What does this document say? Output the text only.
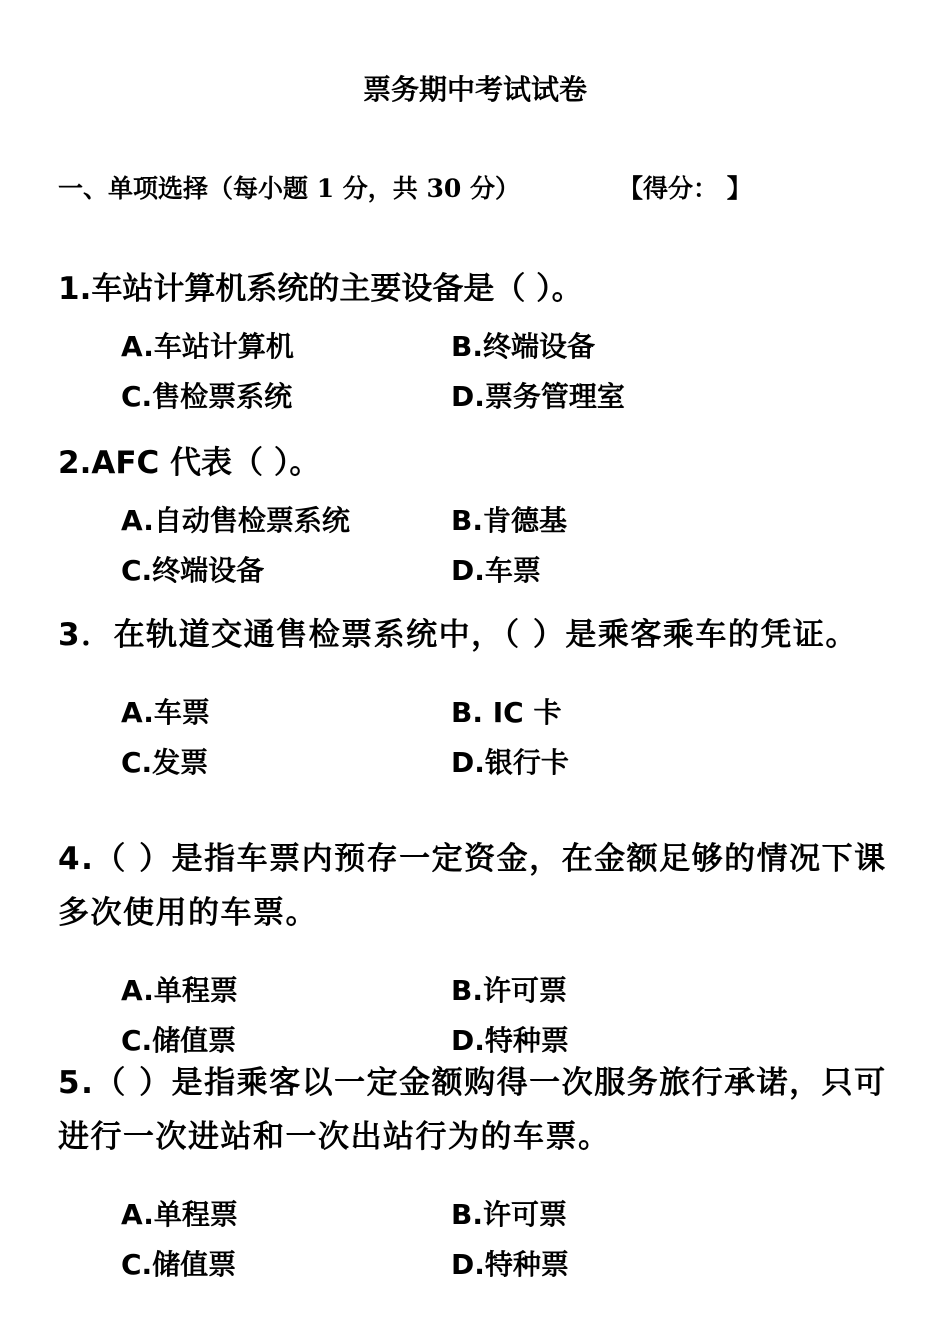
票务期中考试试卷
一、单项选择（每小题 1 分，共 30 分）	【得分： 】
1.车站计算机系统的主要设备是（ ）。
A.车站计算机	B.终端设备
C.售检票系统	D.票务管理室
2.AFC 代表（ ）。
A.自动售检票系统	B.肯德基
C.终端设备	D.车票
3．在轨道交通售检票系统中，（ ）是乘客乘车的凭证。
A.车票	B. IC 卡
C.发票	D.银行卡
4.（ ）是指车票内预存一定资金，在金额足够的情况下课多次使用的车票。
A.单程票	B.许可票
C.储值票	D.特种票
5.（ ）是指乘客以一定金额购得一次服务旅行承诺，只可进行一次进站和一次出站行为的车票。
A.单程票	B.许可票
C.储值票	D.特种票
